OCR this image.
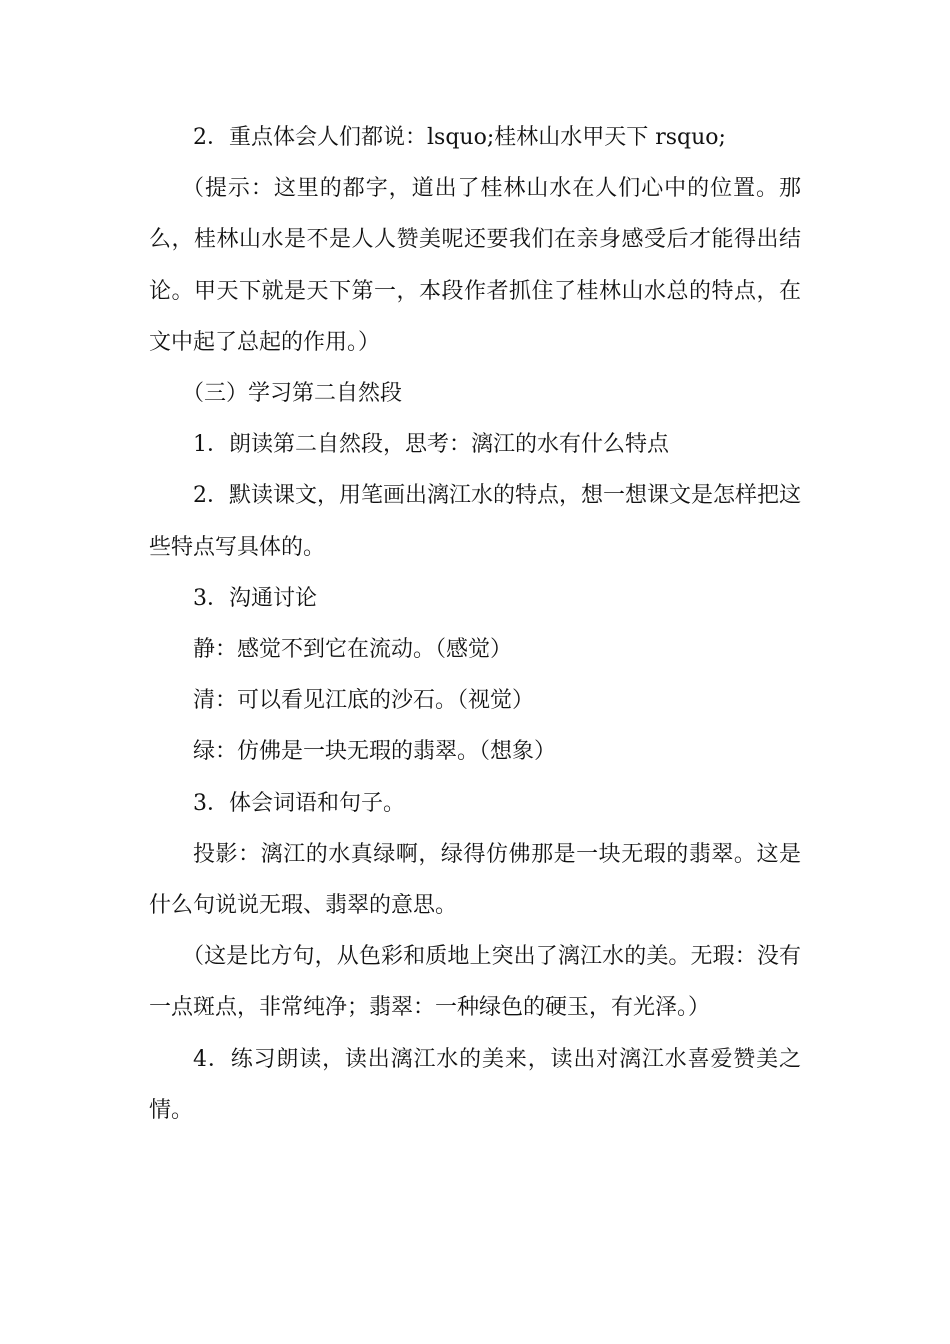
2．重点体会人们都说：lsquo;桂林山水甲天下 rsquo;

（提示：这里的都字，道出了桂林山水在人们心中的位置。那么，桂林山水是不是人人赞美呢还要我们在亲身感受后才能得出结论。甲天下就是天下第一，本段作者抓住了桂林山水总的特点，在文中起了总起的作用。）

（三）学习第二自然段

1．朗读第二自然段，思考：漓江的水有什么特点

2．默读课文，用笔画出漓江水的特点，想一想课文是怎样把这些特点写具体的。

3．沟通讨论

静：感觉不到它在流动。（感觉）

清：可以看见江底的沙石。（视觉）

绿：仿佛是一块无瑕的翡翠。（想象）

3．体会词语和句子。

投影：漓江的水真绿啊，绿得仿佛那是一块无瑕的翡翠。这是什么句说说无瑕、翡翠的意思。

（这是比方句，从色彩和质地上突出了漓江水的美。无瑕：没有一点斑点，非常纯净；翡翠：一种绿色的硬玉，有光泽。）

4．练习朗读，读出漓江水的美来，读出对漓江水喜爱赞美之情。
